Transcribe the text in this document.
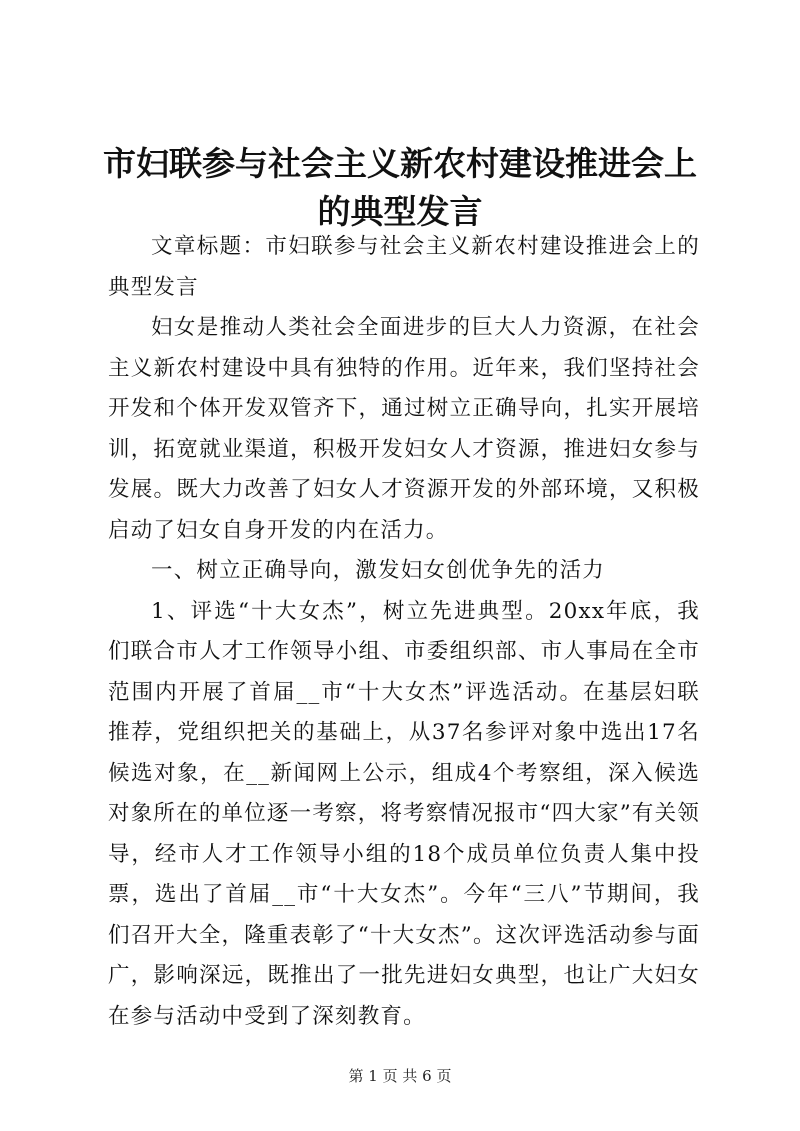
市妇联参与社会主义新农村建设推进会上的典型发言

文章标题：市妇联参与社会主义新农村建设推进会上的典型发言

妇女是推动人类社会全面进步的巨大人力资源，在社会主义新农村建设中具有独特的作用。近年来，我们坚持社会开发和个体开发双管齐下，通过树立正确导向，扎实开展培训，拓宽就业渠道，积极开发妇女人才资源，推进妇女参与发展。既大力改善了妇女人才资源开发的外部环境，又积极启动了妇女自身开发的内在活力。

一、树立正确导向，激发妇女创优争先的活力

1、评选“十大女杰”，树立先进典型。20xx年底，我们联合市人才工作领导小组、市委组织部、市人事局在全市范围内开展了首届__市“十大女杰”评选活动。在基层妇联推荐，党组织把关的基础上，从37名参评对象中选出17名候选对象，在__新闻网上公示，组成4个考察组，深入候选对象所在的单位逐一考察，将考察情况报市“四大家”有关领导，经市人才工作领导小组的18个成员单位负责人集中投票，选出了首届__市“十大女杰”。今年“三八”节期间，我们召开大全，隆重表彰了“十大女杰”。这次评选活动参与面广，影响深远，既推出了一批先进妇女典型，也让广大妇女在参与活动中受到了深刻教育。

第 1 页 共 6 页
